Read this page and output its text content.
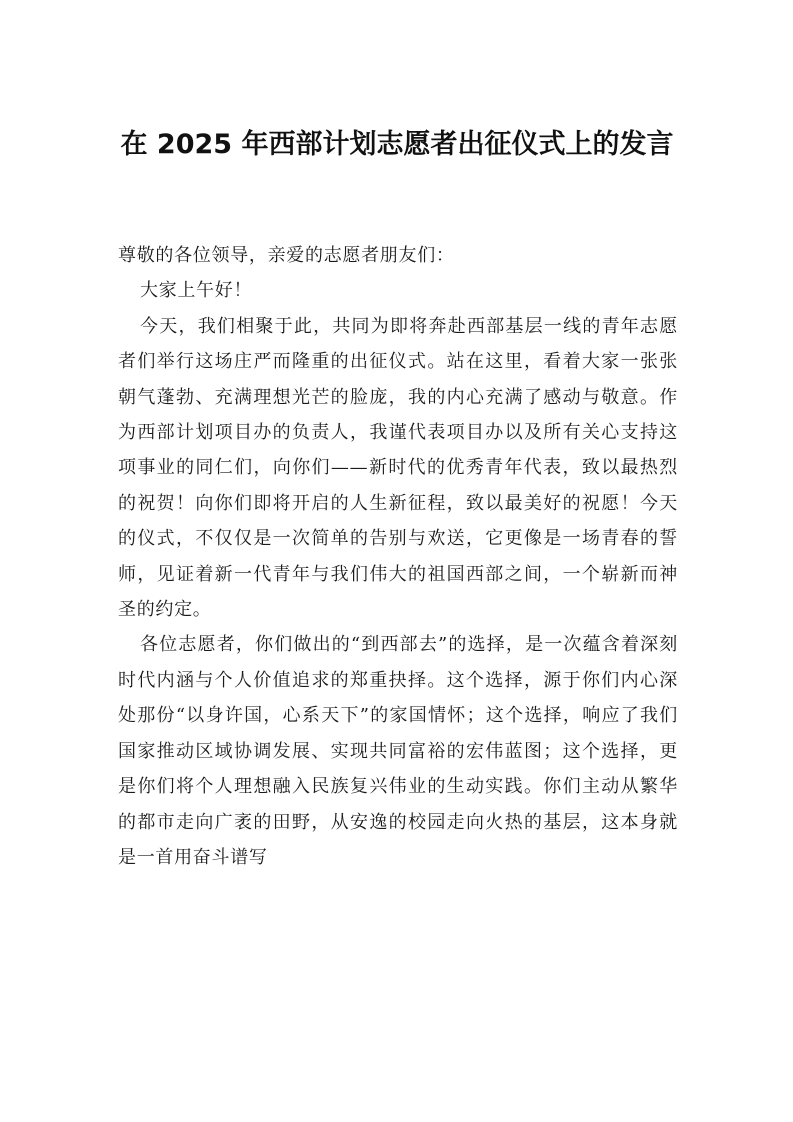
在 2025 年西部计划志愿者出征仪式上的发言

尊敬的各位领导，亲爱的志愿者朋友们：

大家上午好！

今天，我们相聚于此，共同为即将奔赴西部基层一线的青年志愿者们举行这场庄严而隆重的出征仪式。站在这里，看着大家一张张朝气蓬勃、充满理想光芒的脸庞，我的内心充满了感动与敬意。作为西部计划项目办的负责人，我谨代表项目办以及所有关心支持这项事业的同仁们，向你们——新时代的优秀青年代表，致以最热烈的祝贺！向你们即将开启的人生新征程，致以最美好的祝愿！今天的仪式，不仅仅是一次简单的告别与欢送，它更像是一场青春的誓师，见证着新一代青年与我们伟大的祖国西部之间，一个崭新而神圣的约定。

各位志愿者，你们做出的“到西部去”的选择，是一次蕴含着深刻时代内涵与个人价值追求的郑重抉择。这个选择，源于你们内心深处那份“以身许国，心系天下”的家国情怀；这个选择，响应了我们国家推动区域协调发展、实现共同富裕的宏伟蓝图；这个选择，更是你们将个人理想融入民族复兴伟业的生动实践。你们主动从繁华的都市走向广袤的田野，从安逸的校园走向火热的基层，这本身就是一首用奋斗谱写
